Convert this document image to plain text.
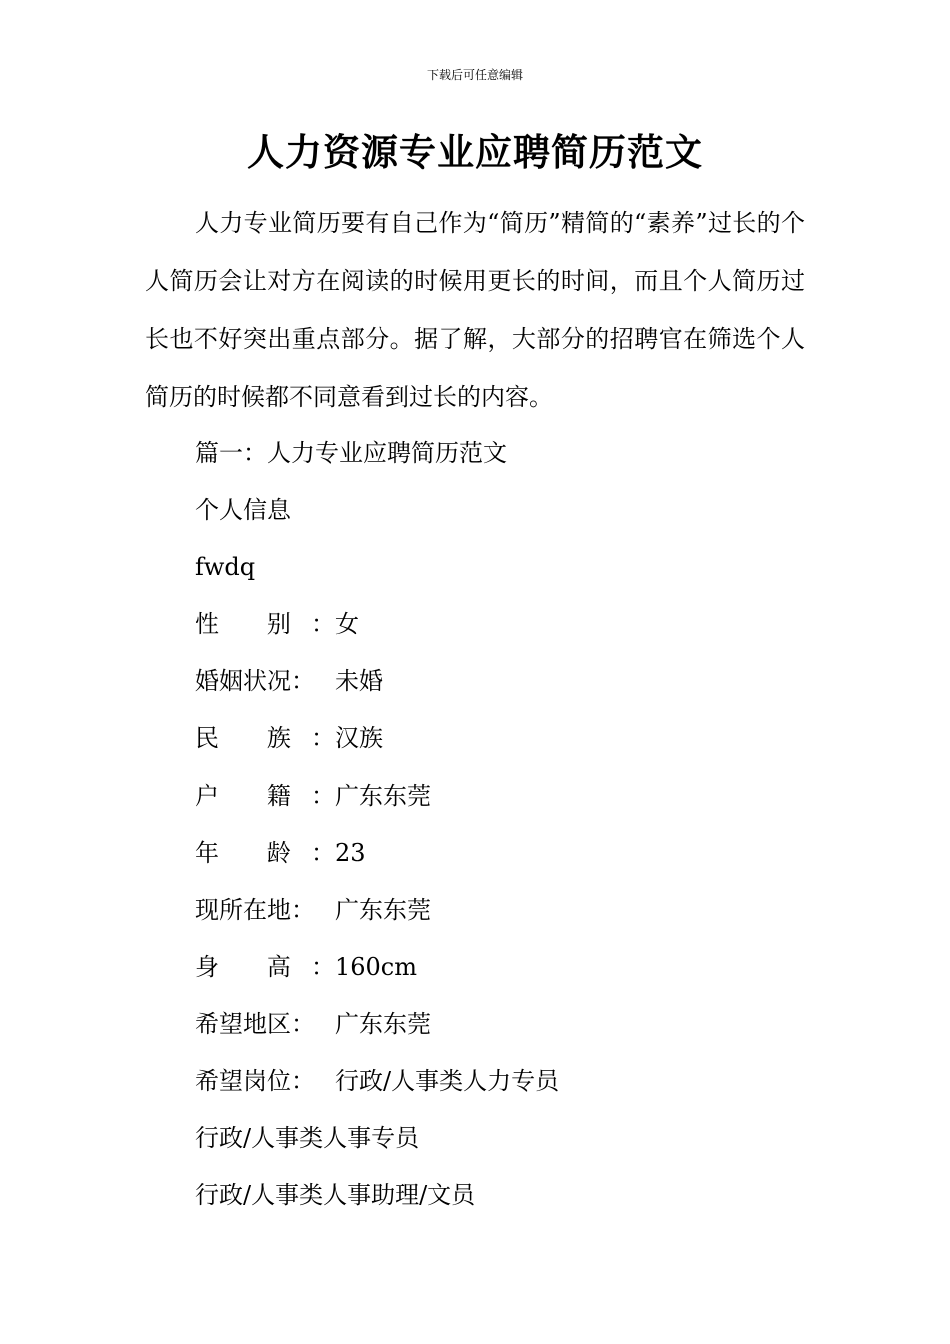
下载后可任意编辑
人力资源专业应聘简历范文

人力专业简历要有自己作为“简历”精简的“素养”过长的个人简历会让对方在阅读的时候用更长的时间，而且个人简历过长也不好突出重点部分。据了解，大部分的招聘官在筛选个人简历的时候都不同意看到过长的内容。

篇一：人力专业应聘简历范文
个人信息
fwdq
性 别：女
婚姻状况： 未婚
民 族：汉族
户 籍：广东东莞
年 龄：23
现所在地： 广东东莞
身 高：160cm
希望地区： 广东东莞
希望岗位： 行政/人事类人力专员
行政/人事类人事专员
行政/人事类人事助理/文员
